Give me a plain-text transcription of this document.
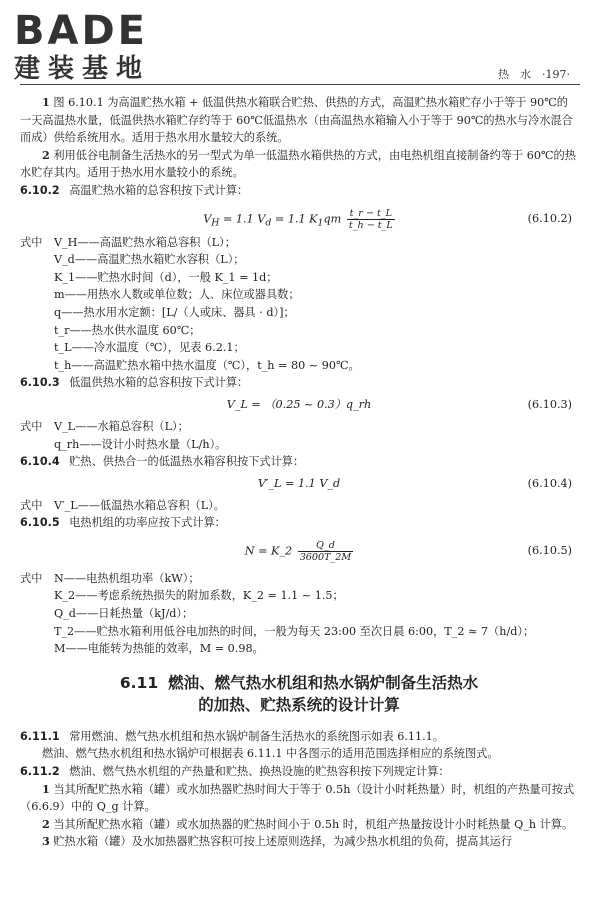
BADE
建装基地	热　水　·197·

1 图 6.10.1 为高温贮热水箱 + 低温供热水箱联合贮热、供热的方式，高温贮热水箱贮存小于等于 90℃的一天高温热水量，低温供热水箱贮存约等于 60℃低温热水（由高温热水箱输入小于等于 90℃的热水与冷水混合而成）供给系统用水。适用于热水用水量较大的系统。

2 利用低谷电制备生活热水的另一型式为单一低温热水箱供热的方式，由电热机组直接制备约等于 60℃的热水贮存其内。适用于热水用水量较小的系统。

6.10.2 高温贮热水箱的总容积按下式计算：

$V_H = 1.1$ $V_d = 1.1$ $K_1qm \frac{t\_r - t\_L}{t\_h - t\_L}$	(6.10.2)
式中 V_H——高温贮热水箱总容积（L）；
V_d——高温贮热水箱贮水容积（L）；
K_1——贮热水时间（d），一般 K_1 = 1d；
m——用热水人数或单位数；人、床位或器具数；
q——热水用水定额：[L/（人或床、器具 · d）]；
t_r——热水供水温度 60℃；
t_L——冷水温度（℃），见表 6.2.1；
t_h——高温贮热水箱中热水温度（℃），t_h = 80 ~ 90℃。

6.10.3 低温供热水箱的总容积按下式计算：

V_L = （0.25 ~ 0.3）q_rh	(6.10.3)
式中 V_L——水箱总容积（L）；
q_rh——设计小时热水量（L/h）。

6.10.4 贮热、供热合一的低温热水箱容积按下式计算：

V′_L = 1.1 V_d	(6.10.4)
式中 V′_L——低温热水箱总容积（L）。

6.10.5 电热机组的功率应按下式计算：

N = K_2 $\frac{Q\_d}{3600T\_2M}$	(6.10.5)
式中 N——电热机组功率（kW）；
K_2——考虑系统热损失的附加系数，K_2 = 1.1 ~ 1.5；
Q_d——日耗热量（kJ/d）；
T_2——贮热水箱利用低谷电加热的时间，一般为每天 23:00 至次日晨 6:00，T_2 ≈ 7（h/d）；
M——电能转为热能的效率，M = 0.98。
6.11 燃油、燃气热水机组和热水锅炉制备生活热水
的加热、贮热系统的设计计算

6.11.1 常用燃油、燃气热水机组和热水锅炉制备生活热水的系统图示如表 6.11.1。

燃油、燃气热水机组和热水锅炉可根据表 6.11.1 中各图示的适用范围选择相应的系统图式。

6.11.2 燃油、燃气热水机组的产热量和贮热、换热设施的贮热容积按下列规定计算：

1 当其所配贮热水箱（罐）或水加热器贮热时间大于等于 0.5h（设计小时耗热量）时，机组的产热量可按式（6.6.9）中的 Q_g 计算。

2 当其所配贮热水箱（罐）或水加热器的贮热时间小于 0.5h 时，机组产热量按设计小时耗热量 Q_h 计算。

3 贮热水箱（罐）及水加热器贮热容积可按上述原则选择，为减少热水机组的负荷，提高其运行
